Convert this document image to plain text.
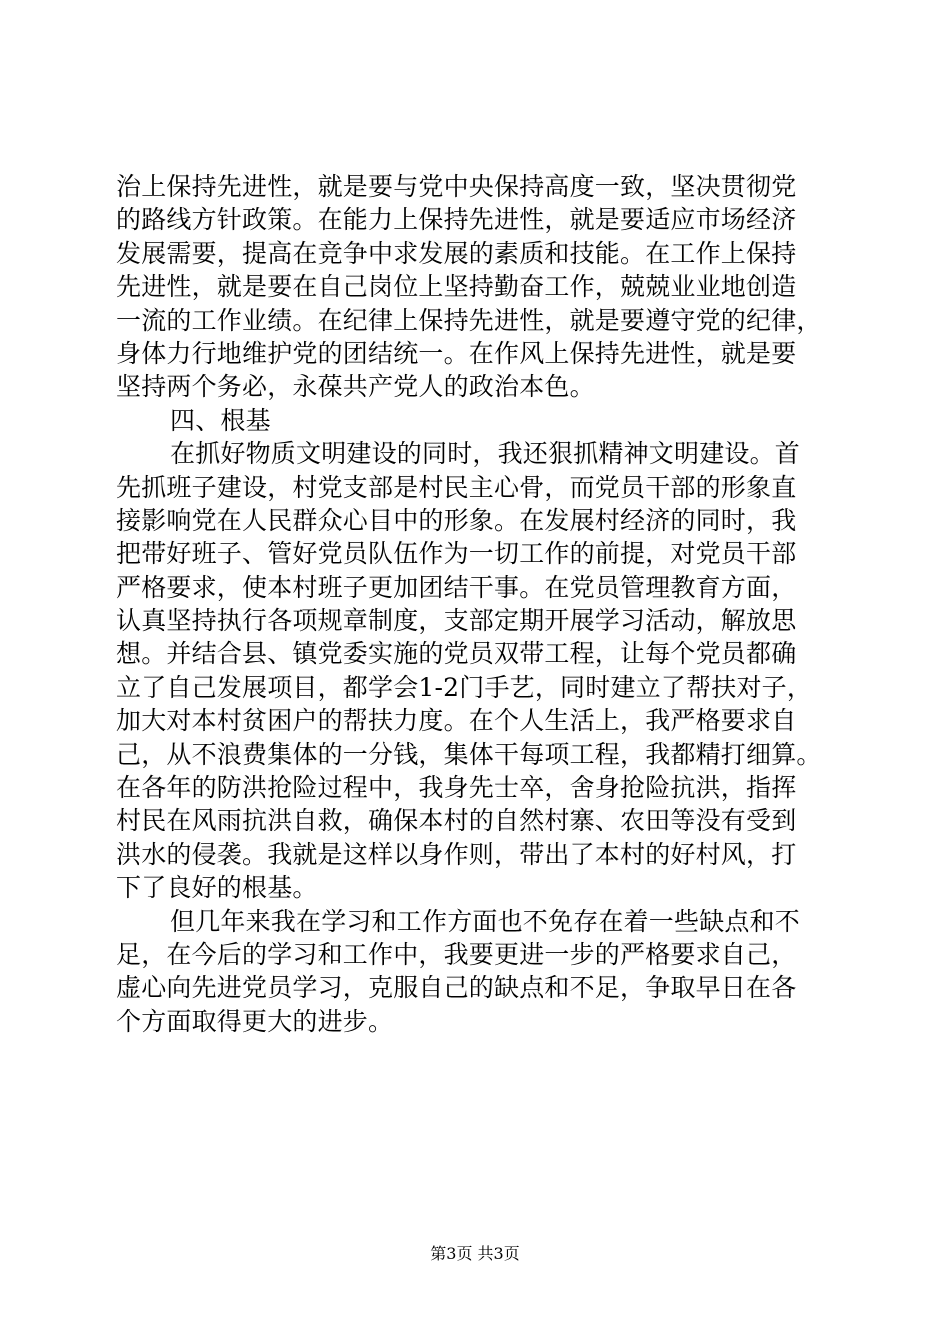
治上保持先进性，就是要与党中央保持高度一致，坚决贯彻党
的路线方针政策。在能力上保持先进性，就是要适应市场经济
发展需要，提高在竞争中求发展的素质和技能。在工作上保持
先进性，就是要在自己岗位上坚持勤奋工作，兢兢业业地创造
一流的工作业绩。在纪律上保持先进性，就是要遵守党的纪律，
身体力行地维护党的团结统一。在作风上保持先进性，就是要
坚持两个务必，永葆共产党人的政治本色。
四、根基
在抓好物质文明建设的同时，我还狠抓精神文明建设。首
先抓班子建设，村党支部是村民主心骨，而党员干部的形象直
接影响党在人民群众心目中的形象。在发展村经济的同时，我
把带好班子、管好党员队伍作为一切工作的前提，对党员干部
严格要求，使本村班子更加团结干事。在党员管理教育方面，
认真坚持执行各项规章制度，支部定期开展学习活动，解放思
想。并结合县、镇党委实施的党员双带工程，让每个党员都确
立了自己发展项目，都学会1-2门手艺，同时建立了帮扶对子，
加大对本村贫困户的帮扶力度。在个人生活上，我严格要求自
己，从不浪费集体的一分钱，集体干每项工程，我都精打细算。
在各年的防洪抢险过程中，我身先士卒，舍身抢险抗洪，指挥
村民在风雨抗洪自救，确保本村的自然村寨、农田等没有受到
洪水的侵袭。我就是这样以身作则，带出了本村的好村风，打
下了良好的根基。
但几年来我在学习和工作方面也不免存在着一些缺点和不
足，在今后的学习和工作中，我要更进一步的严格要求自己，
虚心向先进党员学习，克服自己的缺点和不足，争取早日在各
个方面取得更大的进步。
第3页 共3页
